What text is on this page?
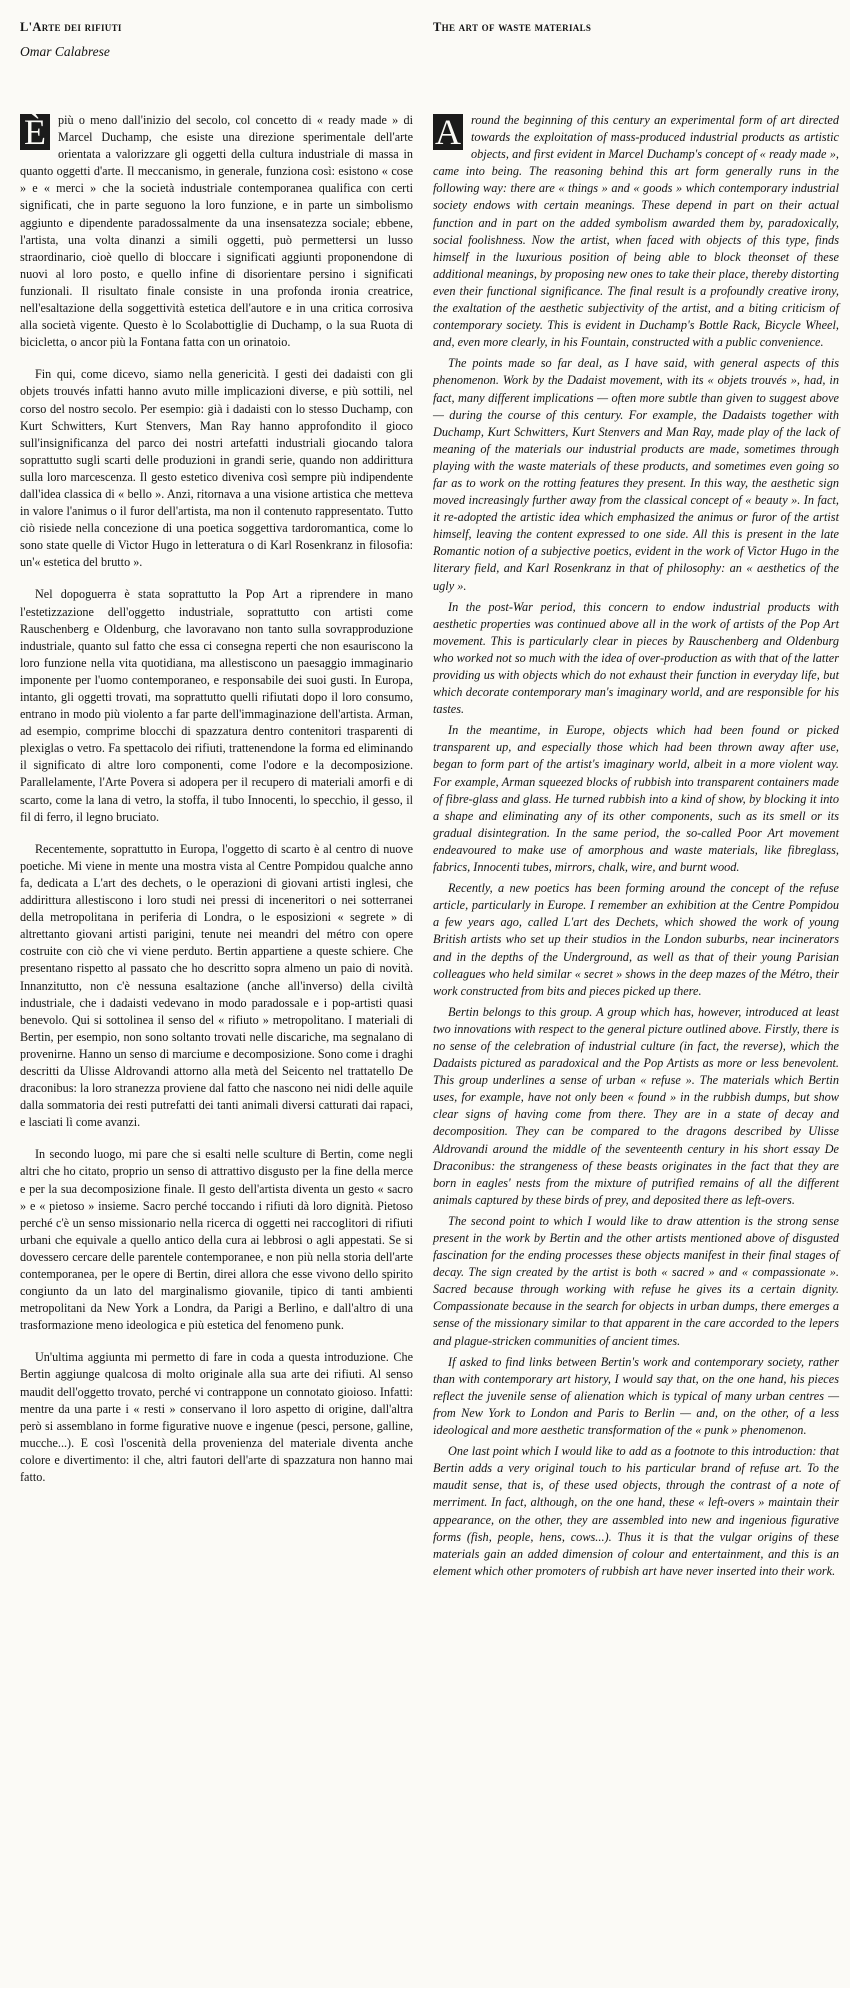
L'Arte dei rifiuti
Omar Calabrese

È più o meno dall'inizio del secolo, col concetto di « ready made » di Marcel Duchamp, che esiste una direzione sperimentale dell'arte orientata a valorizzare gli oggetti della cultura industriale di massa in quanto oggetti d'arte. Il meccanismo, in generale, funziona così: esistono « cose » e « merci » che la società industriale contemporanea qualifica con certi significati, che in parte seguono la loro funzione, e in parte un simbolismo aggiunto e dipendente paradossalmente da una insensatezza sociale; ebbene, l'artista, una volta dinanzi a simili oggetti, può permettersi un lusso straordinario, cioè quello di bloccare i significati aggiunti proponendone di nuovi al loro posto, e quello infine di disorientare persino i significati funzionali. Il risultato finale consiste in una profonda ironia creatrice, nell'esaltazione della soggettività estetica dell'autore e in una critica corrosiva alla società vigente. Questo è lo Scolabottiglie di Duchamp, o la sua Ruota di bicicletta, o ancor più la Fontana fatta con un orinatoio.

Fin qui, come dicevo, siamo nella genericità. I gesti dei dadaisti con gli objets trouvés infatti hanno avuto mille implicazioni diverse, e più sottili, nel corso del nostro secolo. Per esempio: già i dadaisti con lo stesso Duchamp, con Kurt Schwitters, Kurt Stenvers, Man Ray hanno approfondito il gioco sull'insignificanza del parco dei nostri artefatti industriali giocando talora soprattutto sugli scarti delle produzioni in grandi serie, quando non addirittura sulla loro marcescenza. Il gesto estetico diveniva così sempre più indipendente dall'idea classica di « bello ». Anzi, ritornava a una visione artistica che metteva in valore l'animus o il furor dell'artista, ma non il contenuto rappresentato. Tutto ciò risiede nella concezione di una poetica soggettiva tardoromantica, come lo sono state quelle di Victor Hugo in letteratura o di Karl Rosenkranz in filosofia: un'« estetica del brutto ».

Nel dopoguerra è stata soprattutto la Pop Art a riprendere in mano l'estetizzazione dell'oggetto industriale, soprattutto con artisti come Rauschenberg e Oldenburg, che lavoravano non tanto sulla sovrapproduzione industriale, quanto sul fatto che essa ci consegna reperti che non esauriscono la loro funzione nella vita quotidiana, ma allestiscono un paesaggio immaginario imponente per l'uomo contemporaneo, e responsabile dei suoi gusti. In Europa, intanto, gli oggetti trovati, ma soprattutto quelli rifiutati dopo il loro consumo, entrano in modo più violento a far parte dell'immaginazione dell'artista. Arman, ad esempio, comprime blocchi di spazzatura dentro contenitori trasparenti di plexiglas o vetro. Fa spettacolo dei rifiuti, trattenendone la forma ed eliminando il significato di altre loro componenti, come l'odore e la decomposizione. Parallelamente, l'Arte Povera si adopera per il recupero di materiali amorfi e di scarto, come la lana di vetro, la stoffa, il tubo Innocenti, lo specchio, il gesso, il fil di ferro, il legno bruciato.

Recentemente, soprattutto in Europa, l'oggetto di scarto è al centro di nuove poetiche. Mi viene in mente una mostra vista al Centre Pompidou qualche anno fa, dedicata a L'art des dechets, o le operazioni di giovani artisti inglesi, che addirittura allestiscono i loro studi nei pressi di inceneritori o nei sotterranei della metropolitana in periferia di Londra, o le esposizioni « segrete » di altrettanto giovani artisti parigini, tenute nei meandri del métro con opere costruite con ciò che vi viene perduto. Bertin appartiene a queste schiere. Che presentano rispetto al passato che ho descritto sopra almeno un paio di novità. Innanzitutto, non c'è nessuna esaltazione (anche all'inverso) della civiltà industriale, che i dadaisti vedevano in modo paradossale e i pop-artisti quasi benevolo. Qui si sottolinea il senso del « rifiuto » metropolitano. I materiali di Bertin, per esempio, non sono soltanto trovati nelle discariche, ma segnalano di provenirne. Hanno un senso di marciume e decomposizione. Sono come i draghi descritti da Ulisse Aldrovandi attorno alla metà del Seicento nel trattatello De draconibus: la loro stranezza proviene dal fatto che nascono nei nidi delle aquile dalla sommatoria dei resti putrefatti dei tanti animali diversi catturati dai rapaci, e lasciati lì come avanzi.

In secondo luogo, mi pare che si esalti nelle sculture di Bertin, come negli altri che ho citato, proprio un senso di attrattivo disgusto per la fine della merce e per la sua decomposizione finale. Il gesto dell'artista diventa un gesto « sacro » e « pietoso » insieme. Sacro perché toccando i rifiuti dà loro dignità. Pietoso perché c'è un senso missionario nella ricerca di oggetti nei raccoglitori di rifiuti urbani che equivale a quello antico della cura ai lebbrosi o agli appestati. Se si dovessero cercare delle parentele contemporanee, e non più nella storia dell'arte contemporanea, per le opere di Bertin, direi allora che esse vivono dello spirito congiunto da un lato del marginalismo giovanile, tipico di tanti ambienti metropolitani da New York a Londra, da Parigi a Berlino, e dall'altro di una trasformazione meno ideologica e più estetica del fenomeno punk.

Un'ultima aggiunta mi permetto di fare in coda a questa introduzione. Che Bertin aggiunge qualcosa di molto originale alla sua arte dei rifiuti. Al senso maudit dell'oggetto trovato, perché vi contrappone un connotato gioioso. Infatti: mentre da una parte i « resti » conservano il loro aspetto di origine, dall'altra però si assemblano in forme figurative nuove e ingenue (pesci, persone, galline, mucche...). E così l'oscenità della provenienza del materiale diventa anche colore e divertimento: il che, altri fautori dell'arte di spazzatura non hanno mai fatto.

The art of waste materials

A round the beginning of this century an experimental form of art directed towards the exploitation of mass-produced industrial products as artistic objects, and first evident in Marcel Duchamp's concept of « ready made », came into being. The reasoning behind this art form generally runs in the following way: there are « things » and « goods » which contemporary industrial society endows with certain meanings. These depend in part on their actual function and in part on the added symbolism awarded them by, paradoxically, social foolishness. Now the artist, when faced with objects of this type, finds himself in the luxurious position of being able to block theonset of these additional meanings, by proposing new ones to take their place, thereby distorting even their functional significance. The final result is a profoundly creative irony, the exaltation of the aesthetic subjectivity of the artist, and a biting criticism of contemporary society. This is evident in Duchamp's Bottle Rack, Bicycle Wheel, and, even more clearly, in his Fountain, constructed with a public convenience.

The points made so far deal, as I have said, with general aspects of this phenomenon. Work by the Dadaist movement, with its « objets trouvés », had, in fact, many different implications — often more subtle than given to suggest above — during the course of this century. For example, the Dadaists together with Duchamp, Kurt Schwitters, Kurt Stenvers and Man Ray, made play of the lack of meaning of the materials our industrial products are made, sometimes through playing with the waste materials of these products, and sometimes even going so far as to work on the rotting features they present. In this way, the aesthetic sign moved increasingly further away from the classical concept of « beauty ». In fact, it re-adopted the artistic idea which emphasized the animus or furor of the artist himself, leaving the content expressed to one side. All this is present in the late Romantic notion of a subjective poetics, evident in the work of Victor Hugo in the literary field, and Karl Rosenkranz in that of philosophy: an « aesthetics of the ugly ».

In the post-War period, this concern to endow industrial products with aesthetic properties was continued above all in the work of artists of the Pop Art movement. This is particularly clear in pieces by Rauschenberg and Oldenburg who worked not so much with the idea of over-production as with that of the latter providing us with objects which do not exhaust their function in everyday life, but which decorate contemporary man's imaginary world, and are responsible for his tastes.

In the meantime, in Europe, objects which had been found or picked transparent up, and especially those which had been thrown away after use, began to form part of the artist's imaginary world, albeit in a more violent way. For example, Arman squeezed blocks of rubbish into transparent containers made of fibre-glass and glass. He turned rubbish into a kind of show, by blocking it into a shape and eliminating any of its other components, such as its smell or its gradual disintegration. In the same period, the so-called Poor Art movement endeavoured to make use of amorphous and waste materials, like fibreglass, fabrics, Innocenti tubes, mirrors, chalk, wire, and burnt wood.

Recently, a new poetics has been forming around the concept of the refuse article, particularly in Europe. I remember an exhibition at the Centre Pompidou a few years ago, called L'art des Dechets, which showed the work of young British artists who set up their studios in the London suburbs, near incinerators and in the depths of the Underground, as well as that of their young Parisian colleagues who held similar « secret » shows in the deep mazes of the Métro, their work constructed from bits and pieces picked up there.

Bertin belongs to this group. A group which has, however, introduced at least two innovations with respect to the general picture outlined above. Firstly, there is no sense of the celebration of industrial culture (in fact, the reverse), which the Dadaists pictured as paradoxical and the Pop Artists as more or less benevolent. This group underlines a sense of urban « refuse ». The materials which Bertin uses, for example, have not only been « found » in the rubbish dumps, but show clear signs of having come from there. They are in a state of decay and decomposition. They can be compared to the dragons described by Ulisse Aldrovandi around the middle of the seventeenth century in his short essay De Draconibus: the strangeness of these beasts originates in the fact that they are born in eagles' nests from the mixture of putrified remains of all the different animals captured by these birds of prey, and deposited there as left-overs.

The second point to which I would like to draw attention is the strong sense present in the work by Bertin and the other artists mentioned above of disgusted fascination for the ending processes these objects manifest in their final stages of decay. The sign created by the artist is both « sacred » and « compassionate ». Sacred because through working with refuse he gives its a certain dignity. Compassionate because in the search for objects in urban dumps, there emerges a sense of the missionary similar to that apparent in the care accorded to the lepers and plague-stricken communities of ancient times.

If asked to find links between Bertin's work and contemporary society, rather than with contemporary art history, I would say that, on the one hand, his pieces reflect the juvenile sense of alienation which is typical of many urban centres — from New York to London and Paris to Berlin — and, on the other, of a less ideological and more aesthetic transformation of the « punk » phenomenon.

One last point which I would like to add as a footnote to this introduction: that Bertin adds a very original touch to his particular brand of refuse art. To the maudit sense, that is, of these used objects, through the contrast of a note of merriment. In fact, although, on the one hand, these « left-overs » maintain their appearance, on the other, they are assembled into new and ingenious figurative forms (fish, people, hens, cows...). Thus it is that the vulgar origins of these materials gain an added dimension of colour and entertainment, and this is an element which other promoters of rubbish art have never inserted into their work.
